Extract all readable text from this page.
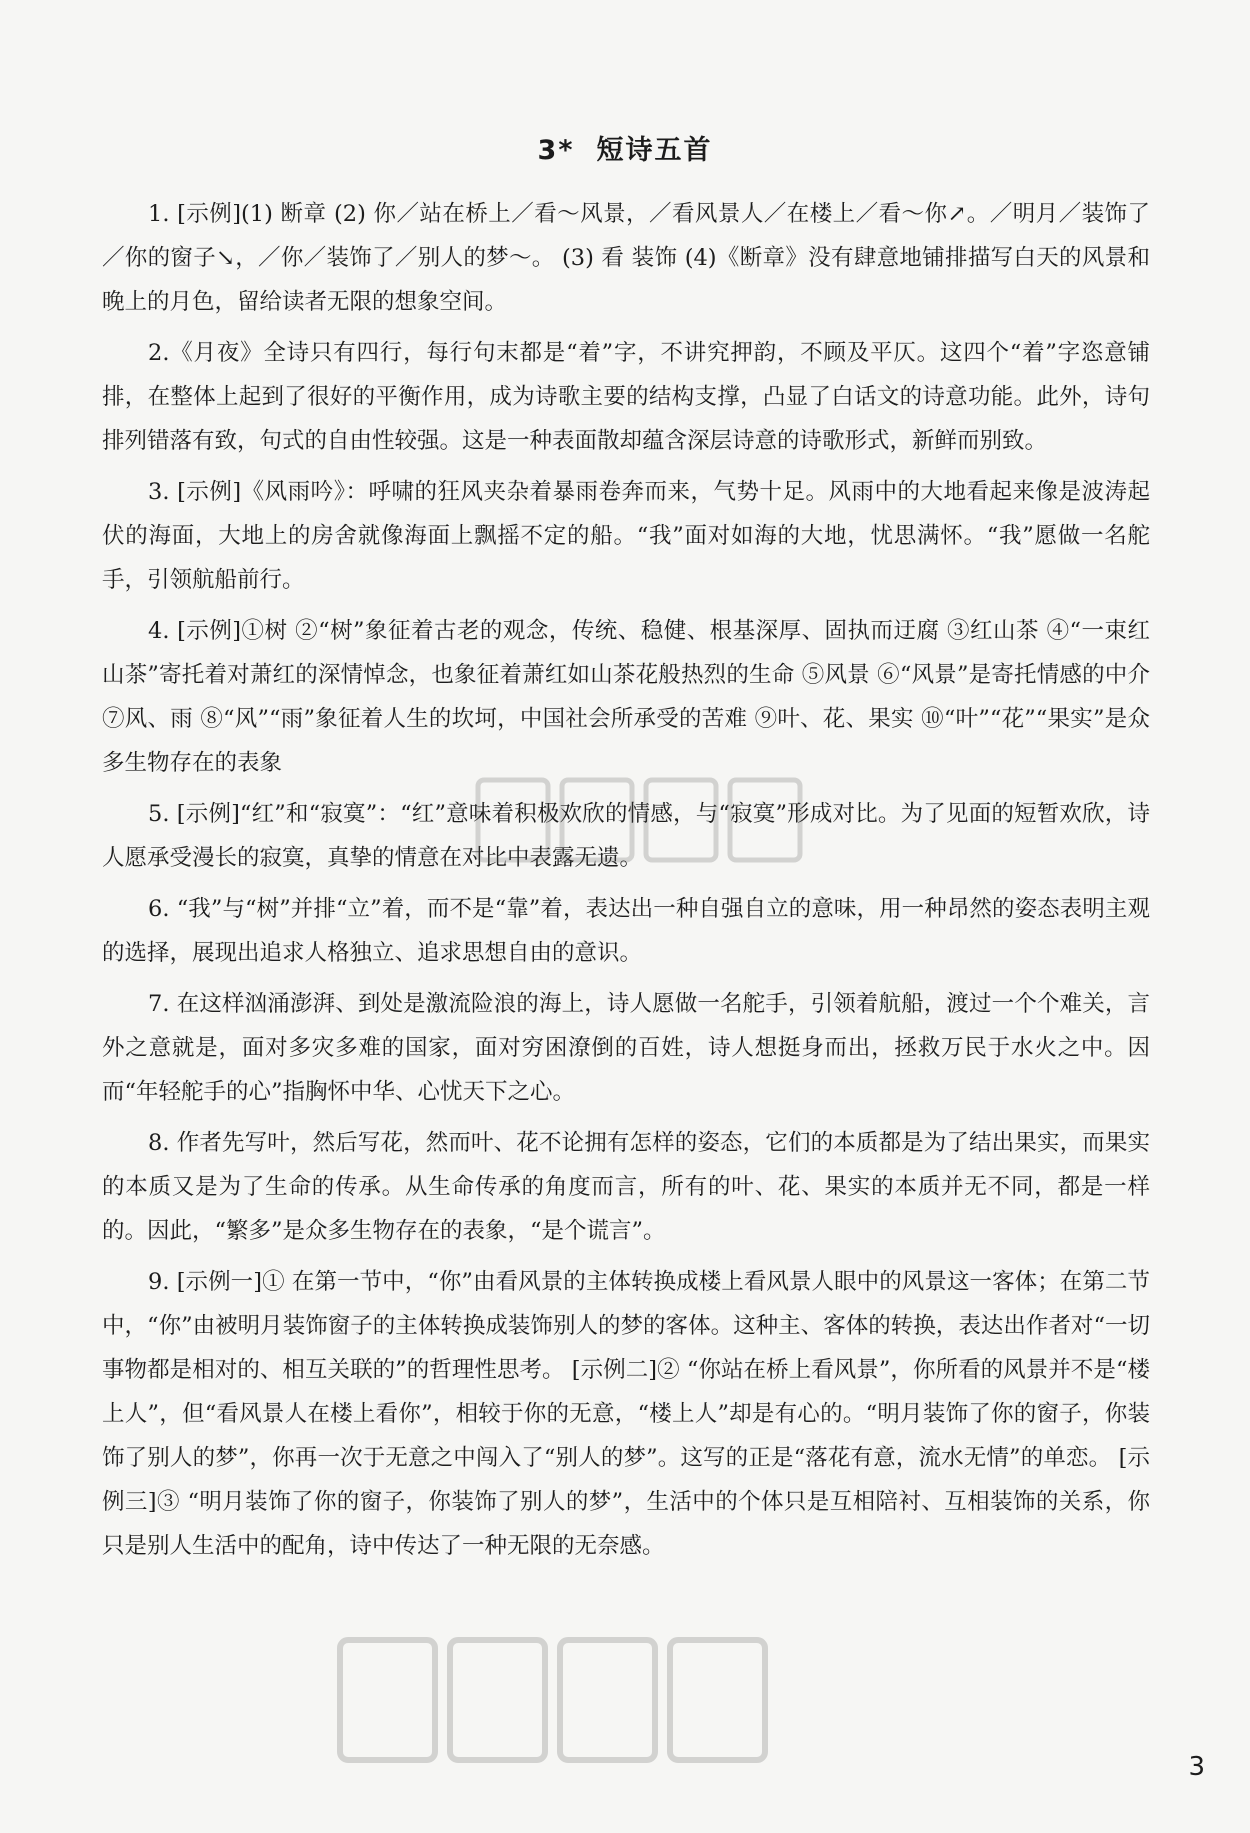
3* 短诗五首

1. [示例](1) 断章 (2) 你／站在桥上／看～风景，／看风景人／在楼上／看～你↗。／明月／装饰了／你的窗子↘，／你／装饰了／别人的梦～。 (3) 看 装饰 (4)《断章》没有肆意地铺排描写白天的风景和晚上的月色，留给读者无限的想象空间。

2.《月夜》全诗只有四行，每行句末都是“着”字，不讲究押韵，不顾及平仄。这四个“着”字恣意铺排，在整体上起到了很好的平衡作用，成为诗歌主要的结构支撑，凸显了白话文的诗意功能。此外，诗句排列错落有致，句式的自由性较强。这是一种表面散却蕴含深层诗意的诗歌形式，新鲜而别致。

3. [示例]《风雨吟》：呼啸的狂风夹杂着暴雨卷奔而来，气势十足。风雨中的大地看起来像是波涛起伏的海面，大地上的房舍就像海面上飘摇不定的船。“我”面对如海的大地，忧思满怀。“我”愿做一名舵手，引领航船前行。

4. [示例]①树 ②“树”象征着古老的观念，传统、稳健、根基深厚、固执而迂腐 ③红山茶 ④“一束红山茶”寄托着对萧红的深情悼念，也象征着萧红如山茶花般热烈的生命 ⑤风景 ⑥“风景”是寄托情感的中介 ⑦风、雨 ⑧“风”“雨”象征着人生的坎坷，中国社会所承受的苦难 ⑨叶、花、果实 ⑩“叶”“花”“果实”是众多生物存在的表象

5. [示例]“红”和“寂寞”：“红”意味着积极欢欣的情感，与“寂寞”形成对比。为了见面的短暂欢欣，诗人愿承受漫长的寂寞，真挚的情意在对比中表露无遗。

6. “我”与“树”并排“立”着，而不是“靠”着，表达出一种自强自立的意味，用一种昂然的姿态表明主观的选择，展现出追求人格独立、追求思想自由的意识。

7. 在这样汹涌澎湃、到处是激流险浪的海上，诗人愿做一名舵手，引领着航船，渡过一个个难关，言外之意就是，面对多灾多难的国家，面对穷困潦倒的百姓，诗人想挺身而出，拯救万民于水火之中。因而“年轻舵手的心”指胸怀中华、心忧天下之心。

8. 作者先写叶，然后写花，然而叶、花不论拥有怎样的姿态，它们的本质都是为了结出果实，而果实的本质又是为了生命的传承。从生命传承的角度而言，所有的叶、花、果实的本质并无不同，都是一样的。因此，“繁多”是众多生物存在的表象，“是个谎言”。

9. [示例一]① 在第一节中，“你”由看风景的主体转换成楼上看风景人眼中的风景这一客体；在第二节中，“你”由被明月装饰窗子的主体转换成装饰别人的梦的客体。这种主、客体的转换，表达出作者对“一切事物都是相对的、相互关联的”的哲理性思考。 [示例二]② “你站在桥上看风景”，你所看的风景并不是“楼上人”，但“看风景人在楼上看你”，相较于你的无意，“楼上人”却是有心的。“明月装饰了你的窗子，你装饰了别人的梦”，你再一次于无意之中闯入了“别人的梦”。这写的正是“落花有意，流水无情”的单恋。 [示例三]③ “明月装饰了你的窗子，你装饰了别人的梦”，生活中的个体只是互相陪衬、互相装饰的关系，你只是别人生活中的配角，诗中传达了一种无限的无奈感。

3
